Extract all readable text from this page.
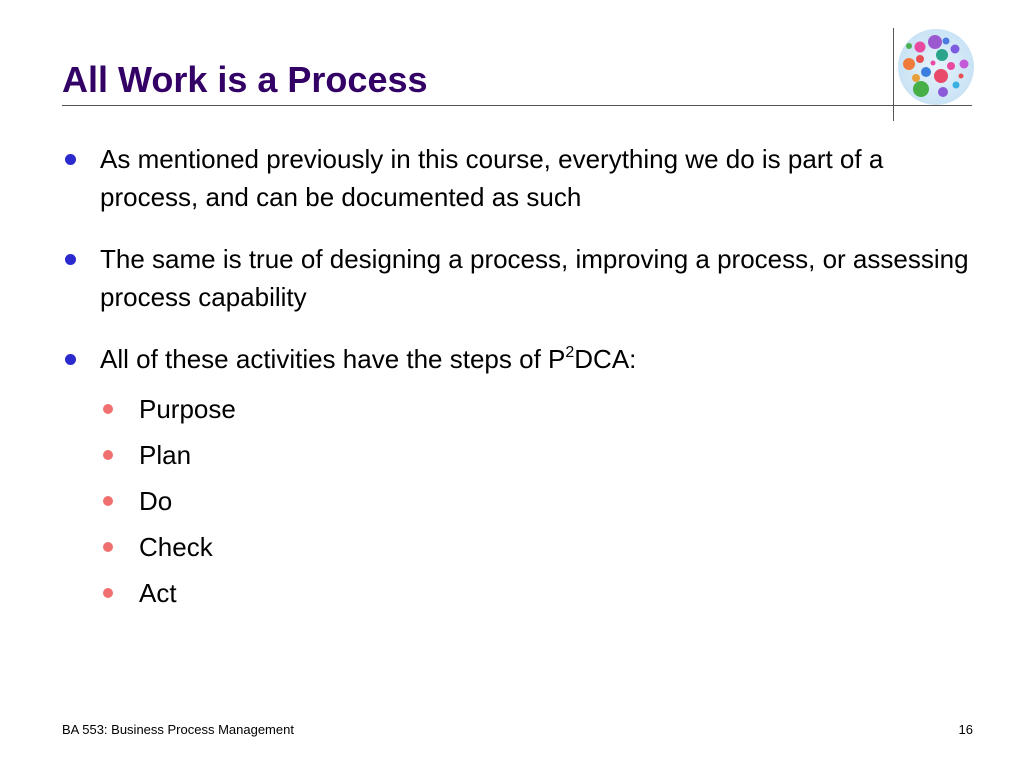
All Work is a Process
As mentioned previously in this course, everything we do is part of a process, and can be documented as such
The same is true of designing a process, improving a process, or assessing process capability
All of these activities have the steps of $P^2DCA$:
Purpose
Plan
Do
Check
Act
BA 553: Business Process Management	16
